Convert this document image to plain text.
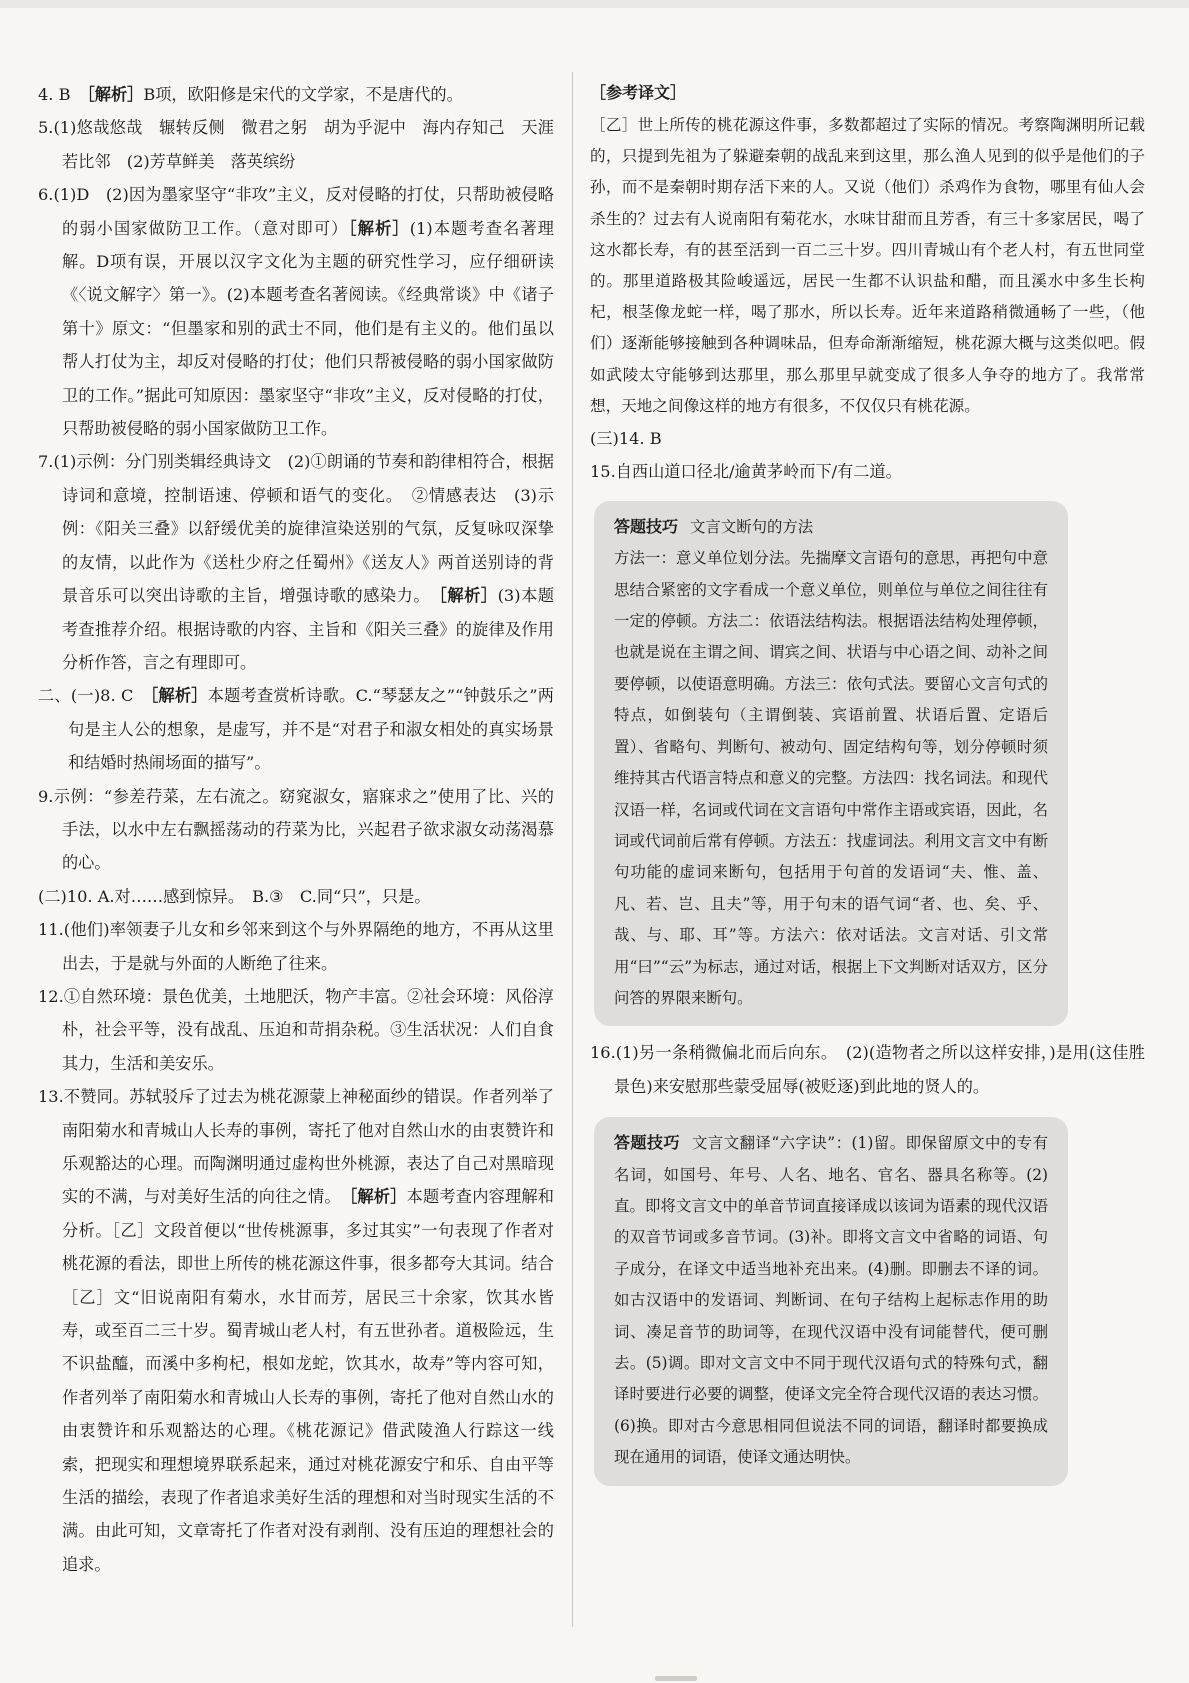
4. B　［解析］B项，欧阳修是宋代的文学家，不是唐代的。

5.(1)悠哉悠哉　辗转反侧　微君之躬　胡为乎泥中　海内存知己　天涯若比邻　(2)芳草鲜美　落英缤纷

6.(1)D　(2)因为墨家坚守“非攻”主义，反对侵略的打仗，只帮助被侵略的弱小国家做防卫工作。（意对即可）［解析］(1)本题考查名著理解。D项有误，开展以汉字文化为主题的研究性学习，应仔细研读《〈说文解字〉第一》。(2)本题考查名著阅读。《经典常谈》中《诸子第十》原文：“但墨家和别的武士不同，他们是有主义的。他们虽以帮人打仗为主，却反对侵略的打仗；他们只帮被侵略的弱小国家做防卫的工作。”据此可知原因：墨家坚守“非攻”主义，反对侵略的打仗，只帮助被侵略的弱小国家做防卫工作。

7.(1)示例：分门别类辑经典诗文　(2)①朗诵的节奏和韵律相符合，根据诗词和意境，控制语速、停顿和语气的变化。　②情感表达　(3)示例：《阳关三叠》以舒缓优美的旋律渲染送别的气氛，反复咏叹深挚的友情，以此作为《送杜少府之任蜀州》《送友人》两首送别诗的背景音乐可以突出诗歌的主旨，增强诗歌的感染力。　［解析］(3)本题考查推荐介绍。根据诗歌的内容、主旨和《阳关三叠》的旋律及作用分析作答，言之有理即可。

二、(一)8. C　［解析］本题考查赏析诗歌。C.“琴瑟友之”“钟鼓乐之”两句是主人公的想象，是虚写，并不是“对君子和淑女相处的真实场景和结婚时热闹场面的描写”。

9.示例：“参差荇菜，左右流之。窈窕淑女，寤寐求之”使用了比、兴的手法，以水中左右飘摇荡动的荇菜为比，兴起君子欲求淑女动荡渴慕的心。

(二)10. A.对……感到惊异。　B.③　C.同“只”，只是。

11.(他们)率领妻子儿女和乡邻来到这个与外界隔绝的地方，不再从这里出去，于是就与外面的人断绝了往来。

12.①自然环境：景色优美，土地肥沃，物产丰富。②社会环境：风俗淳朴，社会平等，没有战乱、压迫和苛捐杂税。③生活状况：人们自食其力，生活和美安乐。

13.不赞同。苏轼驳斥了过去为桃花源蒙上神秘面纱的错误。作者列举了南阳菊水和青城山人长寿的事例，寄托了他对自然山水的由衷赞许和乐观豁达的心理。而陶渊明通过虚构世外桃源，表达了自己对黑暗现实的不满，与对美好生活的向往之情。　［解析］本题考查内容理解和分析。［乙］文段首便以“世传桃源事，多过其实”一句表现了作者对桃花源的看法，即世上所传的桃花源这件事，很多都夸大其词。结合［乙］文“旧说南阳有菊水，水甘而芳，居民三十余家，饮其水皆寿，或至百二三十岁。蜀青城山老人村，有五世孙者。道极险远，生不识盐醯，而溪中多枸杞，根如龙蛇，饮其水，故寿”等内容可知，作者列举了南阳菊水和青城山人长寿的事例，寄托了他对自然山水的由衷赞许和乐观豁达的心理。《桃花源记》借武陵渔人行踪这一线索，把现实和理想境界联系起来，通过对桃花源安宁和乐、自由平等生活的描绘，表现了作者追求美好生活的理想和对当时现实生活的不满。由此可知，文章寄托了作者对没有剥削、没有压迫的理想社会的追求。

［参考译文］

［乙］世上所传的桃花源这件事，多数都超过了实际的情况。考察陶渊明所记载的，只提到先祖为了躲避秦朝的战乱来到这里，那么渔人见到的似乎是他们的子孙，而不是秦朝时期存活下来的人。又说（他们）杀鸡作为食物，哪里有仙人会杀生的？过去有人说南阳有菊花水，水味甘甜而且芳香，有三十多家居民，喝了这水都长寿，有的甚至活到一百二三十岁。四川青城山有个老人村，有五世同堂的。那里道路极其险峻遥远，居民一生都不认识盐和醋，而且溪水中多生长枸杞，根茎像龙蛇一样，喝了那水，所以长寿。近年来道路稍微通畅了一些，（他们）逐渐能够接触到各种调味品，但寿命渐渐缩短，桃花源大概与这类似吧。假如武陵太守能够到达那里，那么那里早就变成了很多人争夺的地方了。我常常想，天地之间像这样的地方有很多，不仅仅只有桃花源。

(三)14. B

15.自西山道口径北/逾黄茅岭而下/有二道。

答题技巧 文言文断句的方法
方法一：意义单位划分法。先揣摩文言语句的意思，再把句中意思结合紧密的文字看成一个意义单位，则单位与单位之间往往有一定的停顿。方法二：依语法结构法。根据语法结构处理停顿，也就是说在主谓之间、谓宾之间、状语与中心语之间、动补之间要停顿，以使语意明确。方法三：依句式法。要留心文言句式的特点，如倒装句（主谓倒装、宾语前置、状语后置、定语后置）、省略句、判断句、被动句、固定结构句等，划分停顿时须维持其古代语言特点和意义的完整。方法四：找名词法。和现代汉语一样，名词或代词在文言语句中常作主语或宾语，因此，名词或代词前后常有停顿。方法五：找虚词法。利用文言文中有断句功能的虚词来断句，包括用于句首的发语词“夫、惟、盖、凡、若、岂、且夫”等，用于句末的语气词“者、也、矣、乎、哉、与、耶、耳”等。方法六：依对话法。文言对话、引文常用“曰”“云”为标志，通过对话，根据上下文判断对话双方，区分问答的界限来断句。

16.(1)另一条稍微偏北而后向东。　(2)(造物者之所以这样安排，)是用(这佳胜景色)来安慰那些蒙受屈辱(被贬逐)到此地的贤人的。

答题技巧 文言文翻译“六字诀”：(1)留。即保留原文中的专有名词，如国号、年号、人名、地名、官名、器具名称等。(2)直。即将文言文中的单音节词直接译成以该词为语素的现代汉语的双音节词或多音节词。(3)补。即将文言文中省略的词语、句子成分，在译文中适当地补充出来。(4)删。即删去不译的词。如古汉语中的发语词、判断词、在句子结构上起标志作用的助词、凑足音节的助词等，在现代汉语中没有词能替代，便可删去。(5)调。即对文言文中不同于现代汉语句式的特殊句式，翻译时要进行必要的调整，使译文完全符合现代汉语的表达习惯。(6)换。即对古今意思相同但说法不同的词语，翻译时都要换成现在通用的词语，使译文通达明快。
